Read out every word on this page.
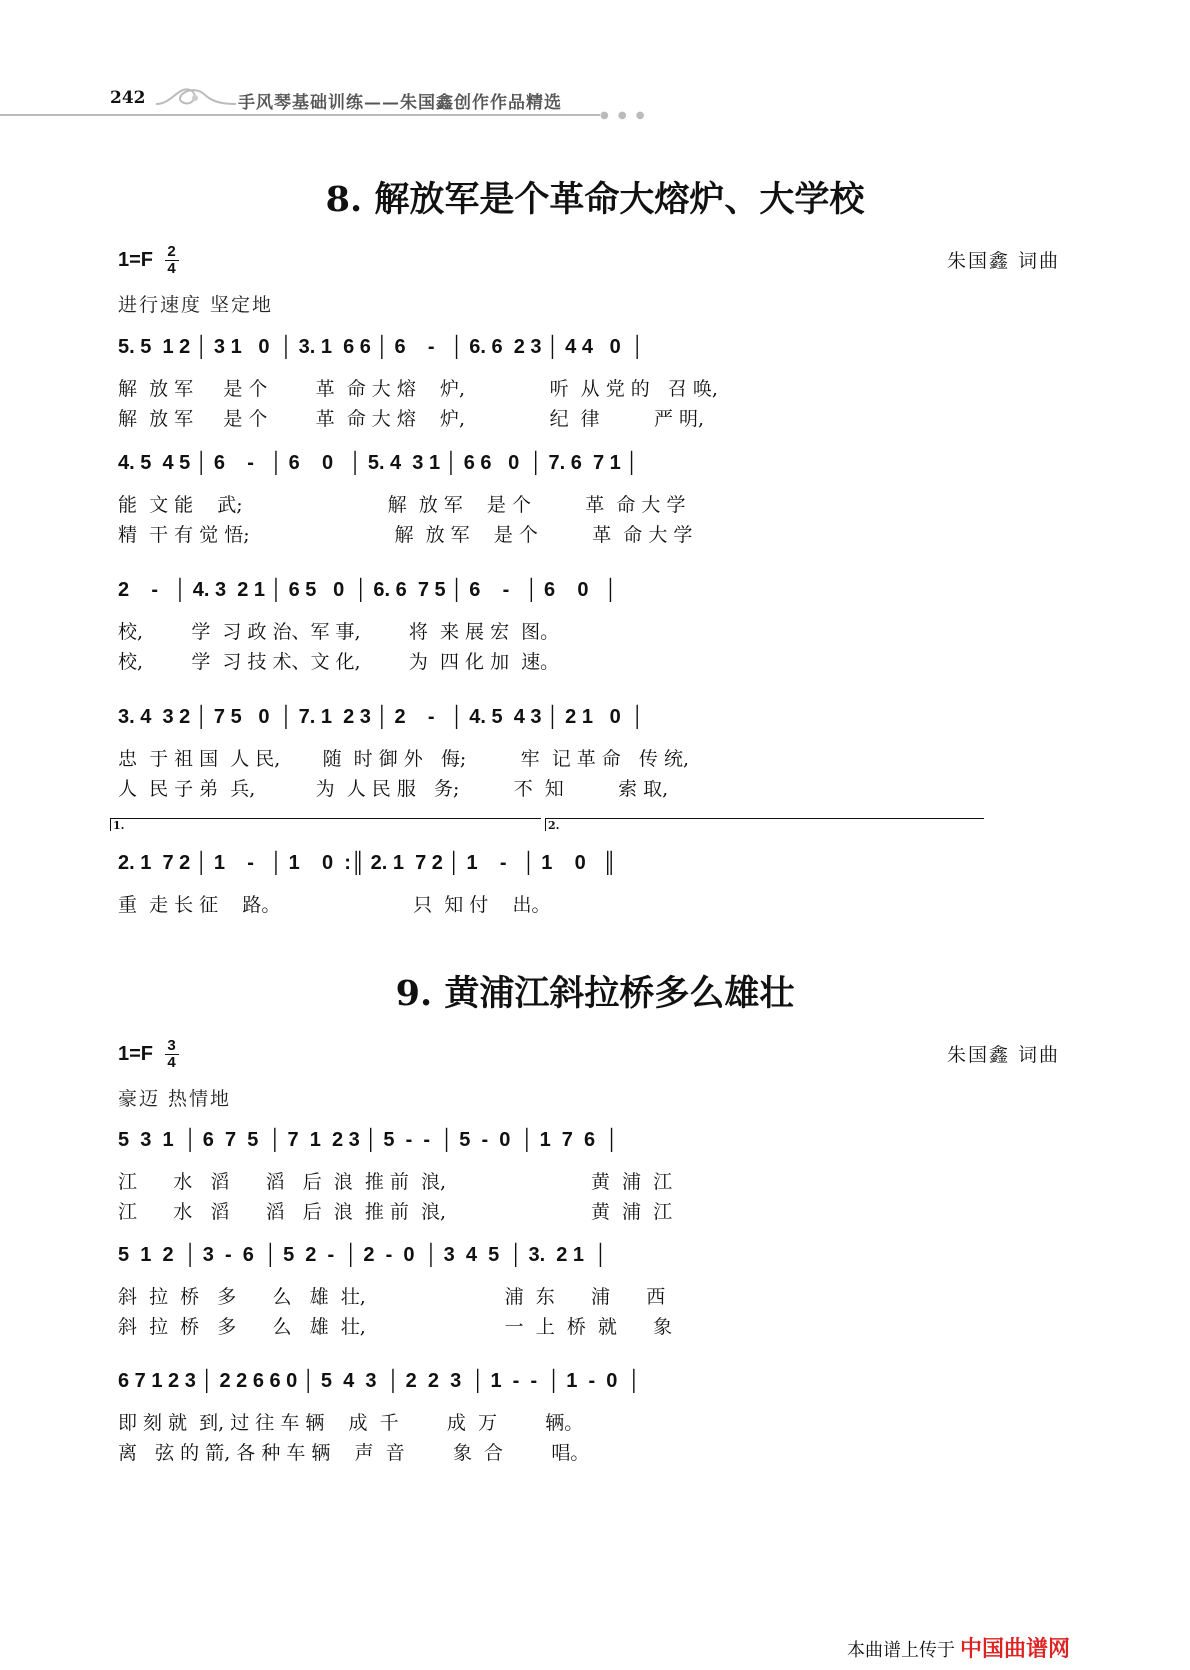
242	手风琴基础训练——朱国鑫创作作品精选
● ● ●
8. 解放军是个革命大熔炉、大学校
$1=F \frac{2}{4}$	朱国鑫 词曲
进行速度 坚定地
5. 5  1 2 │ 3 1   0  │ 3. 1  6 6 │ 6    -   │ 6. 6  2 3 │ 4 4   0  │
解  放 军     是 个        革  命 大 熔    炉,              听  从 党 的   召 唤,
解  放 军     是 个        革  命 大 熔    炉,              纪  律         严 明,
4. 5  4 5 │ 6    -   │ 6    0   │ 5. 4  3 1 │ 6 6   0  │ 7. 6  7 1 │
能  文 能    武;                        解  放 军    是 个         革  命 大 学
精  干 有 觉 悟;                        解  放 军    是 个         革  命 大 学
2    -   │ 4. 3  2 1 │ 6 5   0  │ 6. 6  7 5 │ 6    -   │ 6    0   │
校,        学  习 政 治、军 事,        将  来 展 宏  图。
校,        学  习 技 术、文 化,        为  四 化 加  速。
3. 4  3 2 │ 7 5   0  │ 7. 1  2 3 │ 2    -   │ 4. 5  4 3 │ 2 1   0  │
忠  于 祖 国  人 民,       随  时 御 外   侮;         牢  记 革 命   传 统,
人  民 子 弟  兵,          为  人 民 服   务;         不  知         索 取,
1.	2.
2. 1  7 2 │ 1    -   │ 1    0  :║ 2. 1  7 2 │ 1    -   │ 1    0   ║
重  走 长 征    路。                      只  知 付    出。
9. 黄浦江斜拉桥多么雄壮
$1=F \frac{3}{4}$	朱国鑫 词曲
豪迈 热情地
5  3  1  │ 6  7  5  │ 7  1  2 3 │ 5  -  -  │ 5  -  0  │ 1  7  6  │
江      水   滔      滔   后  浪  推 前  浪,                        黄  浦  江
江      水   滔      滔   后  浪  推 前  浪,                        黄  浦  江
5  1  2  │ 3  -  6  │ 5  2  -  │ 2  -  0  │ 3  4  5  │ 3.  2 1  │
斜  拉  桥   多      么   雄  壮,                       浦  东      浦      西
斜  拉  桥   多      么   雄  壮,                       一  上  桥  就      象
6 7 1 2 3 │ 2 2 6 6 0 │ 5  4  3  │ 2  2  3  │ 1  -  -  │ 1  -  0  │
即 刻 就  到, 过 往 车 辆    成  千        成  万        辆。
离   弦 的 箭, 各 种 车 辆    声  音        象  合        唱。
本曲谱上传于 中国曲谱网
